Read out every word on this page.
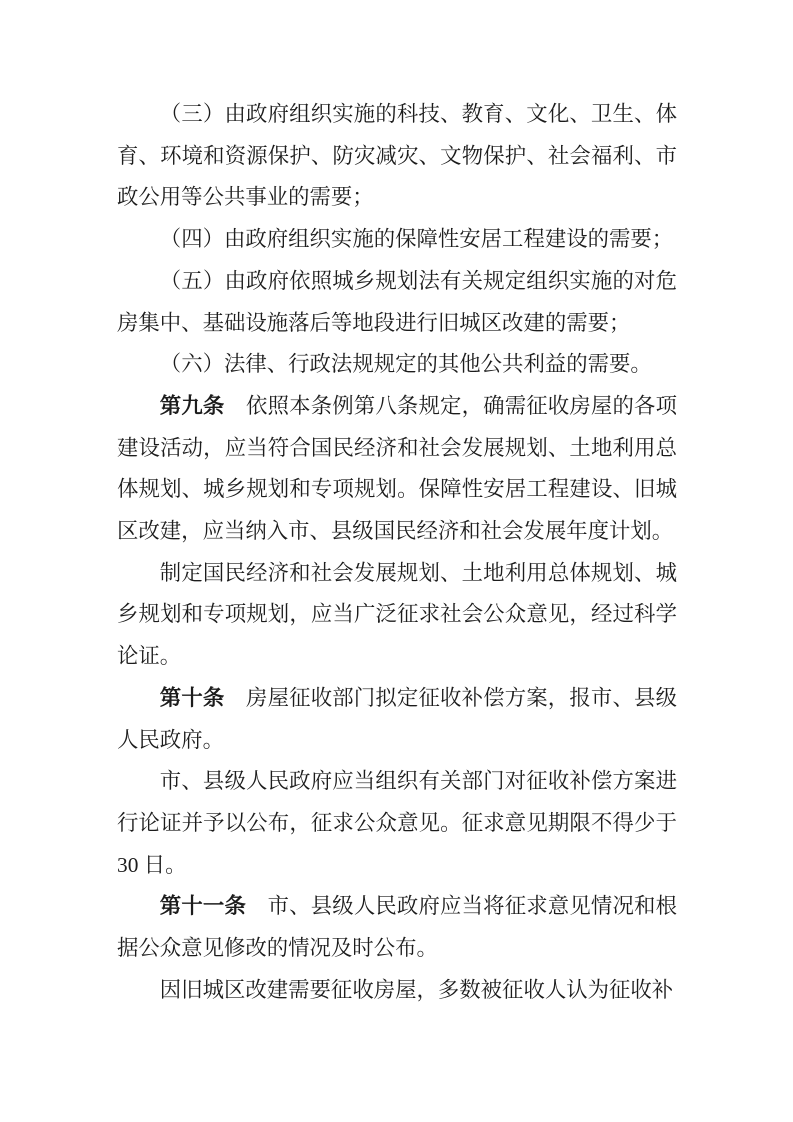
（三）由政府组织实施的科技、教育、文化、卫生、体育、环境和资源保护、防灾减灾、文物保护、社会福利、市政公用等公共事业的需要；

（四）由政府组织实施的保障性安居工程建设的需要；

（五）由政府依照城乡规划法有关规定组织实施的对危房集中、基础设施落后等地段进行旧城区改建的需要；

（六）法律、行政法规规定的其他公共利益的需要。

第九条　 依照本条例第八条规定，确需征收房屋的各项建设活动，应当符合国民经济和社会发展规划、土地利用总体规划、城乡规划和专项规划。保障性安居工程建设、旧城区改建，应当纳入市、县级国民经济和社会发展年度计划。

制定国民经济和社会发展规划、土地利用总体规划、城乡规划和专项规划，应当广泛征求社会公众意见，经过科学论证。

第十条　 房屋征收部门拟定征收补偿方案，报市、县级人民政府。

市、县级人民政府应当组织有关部门对征收补偿方案进行论证并予以公布，征求公众意见。征求意见期限不得少于 30 日。

第十一条　 市、县级人民政府应当将征求意见情况和根据公众意见修改的情况及时公布。

因旧城区改建需要征收房屋，多数被征收人认为征收补
